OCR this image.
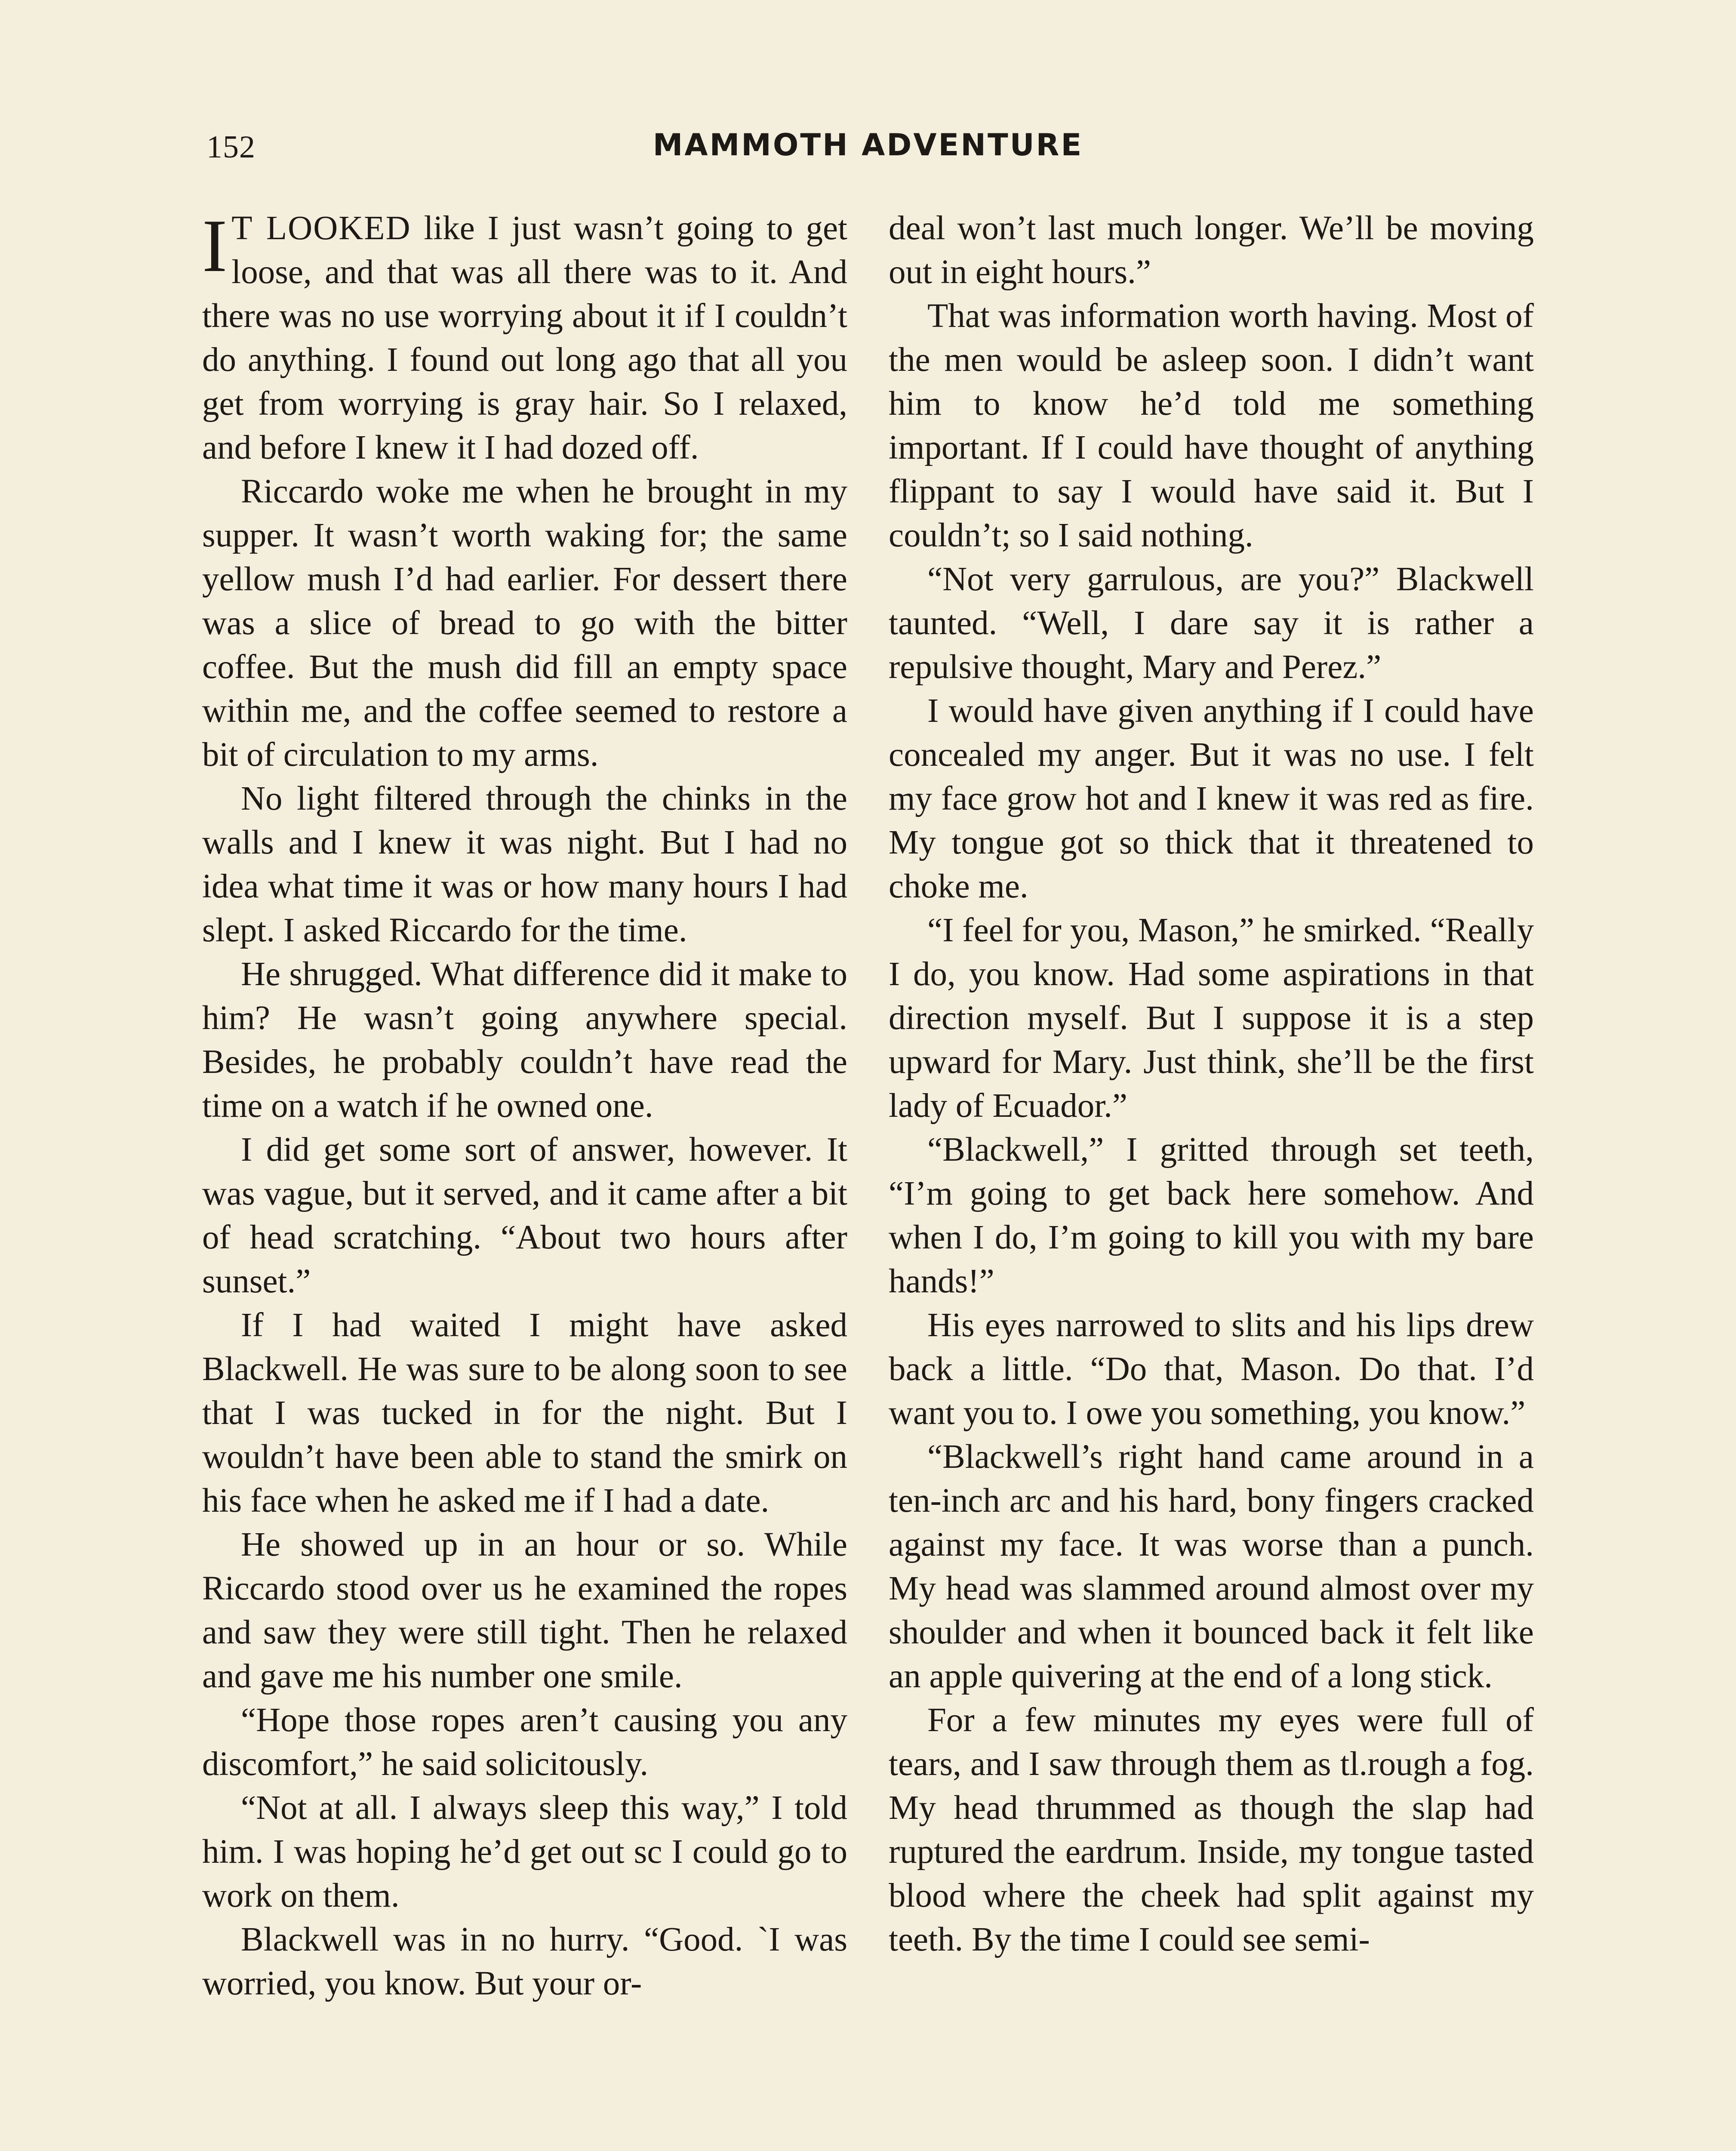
152	MAMMOTH ADVENTURE

I T LOOKED like I just wasn’t going to get loose, and that was all there was to it. And there was no use worrying about it if I couldn’t do anything. I found out long ago that all you get from worrying is gray hair. So I relaxed, and before I knew it I had dozed off.

Riccardo woke me when he brought in my supper. It wasn’t worth waking for; the same yellow mush I’d had earlier. For dessert there was a slice of bread to go with the bitter coffee. But the mush did fill an empty space within me, and the coffee seemed to restore a bit of circulation to my arms.

No light filtered through the chinks in the walls and I knew it was night. But I had no idea what time it was or how many hours I had slept. I asked Riccardo for the time.

He shrugged. What difference did it make to him? He wasn’t going anywhere special. Besides, he probably couldn’t have read the time on a watch if he owned one.

I did get some sort of answer, however. It was vague, but it served, and it came after a bit of head scratching. “About two hours after sunset.”

If I had waited I might have asked Blackwell. He was sure to be along soon to see that I was tucked in for the night. But I wouldn’t have been able to stand the smirk on his face when he asked me if I had a date.

He showed up in an hour or so. While Riccardo stood over us he examined the ropes and saw they were still tight. Then he relaxed and gave me his number one smile.

“Hope those ropes aren’t causing you any discomfort,” he said solicitously.

“Not at all. I always sleep this way,” I told him. I was hoping he’d get out sc I could go to work on them.

Blackwell was in no hurry. “Good. `I was worried, you know. But your or-

deal won’t last much longer. We’ll be moving out in eight hours.”

That was information worth having. Most of the men would be asleep soon. I didn’t want him to know he’d told me something important. If I could have thought of anything flippant to say I would have said it. But I couldn’t; so I said nothing.

“Not very garrulous, are you?” Blackwell taunted. “Well, I dare say it is rather a repulsive thought, Mary and Perez.”

I would have given anything if I could have concealed my anger. But it was no use. I felt my face grow hot and I knew it was red as fire. My tongue got so thick that it threatened to choke me.

“I feel for you, Mason,” he smirked. “Really I do, you know. Had some aspirations in that direction myself. But I suppose it is a step upward for Mary. Just think, she’ll be the first lady of Ecuador.”

“Blackwell,” I gritted through set teeth, “I’m going to get back here somehow. And when I do, I’m going to kill you with my bare hands!”

His eyes narrowed to slits and his lips drew back a little. “Do that, Mason. Do that. I’d want you to. I owe you something, you know.”

“Blackwell’s right hand came around in a ten-inch arc and his hard, bony fingers cracked against my face. It was worse than a punch. My head was slammed around almost over my shoulder and when it bounced back it felt like an apple quivering at the end of a long stick.

For a few minutes my eyes were full of tears, and I saw through them as tl.rough a fog. My head thrummed as though the slap had ruptured the eardrum. Inside, my tongue tasted blood where the cheek had split against my teeth. By the time I could see semi-
